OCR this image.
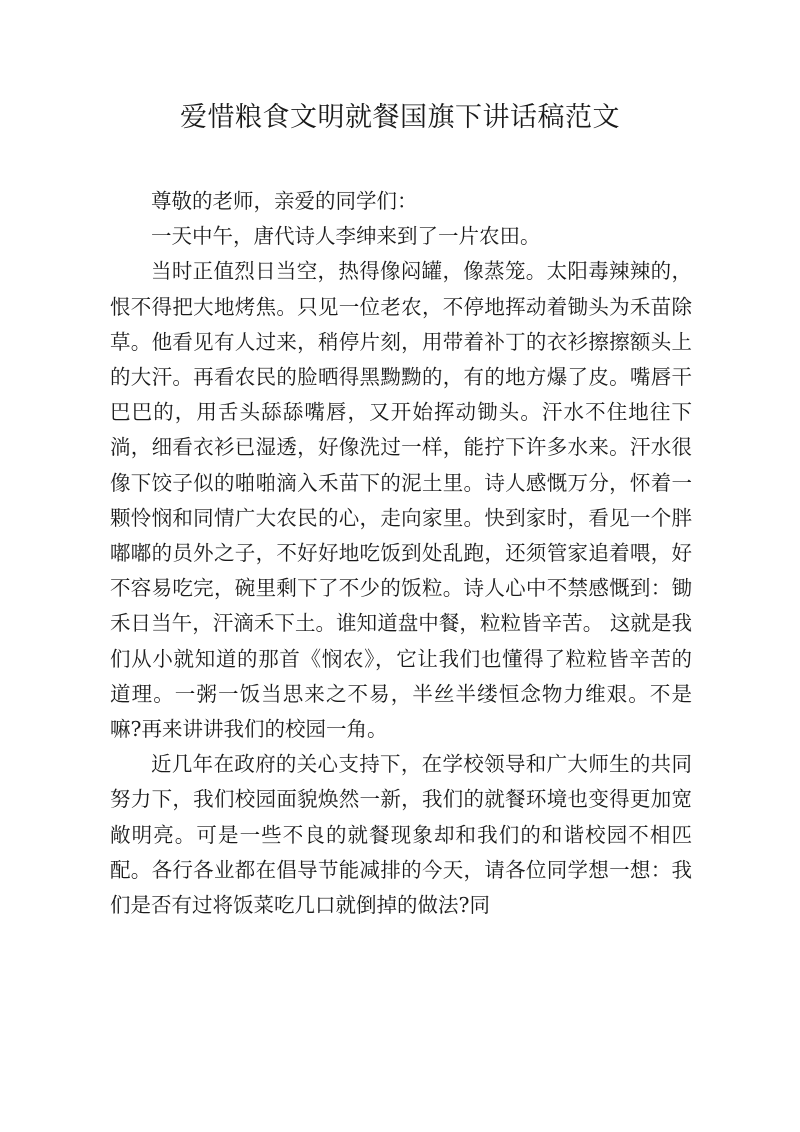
爱惜粮食文明就餐国旗下讲话稿范文

尊敬的老师，亲爱的同学们：

一天中午，唐代诗人李绅来到了一片农田。

当时正值烈日当空，热得像闷罐，像蒸笼。太阳毒辣辣的，恨不得把大地烤焦。只见一位老农，不停地挥动着锄头为禾苗除草。他看见有人过来，稍停片刻，用带着补丁的衣衫擦擦额头上的大汗。再看农民的脸晒得黑黝黝的，有的地方爆了皮。嘴唇干巴巴的，用舌头舔舔嘴唇，又开始挥动锄头。汗水不住地往下淌，细看衣衫已湿透，好像洗过一样，能拧下许多水来。汗水很像下饺子似的啪啪滴入禾苗下的泥土里。诗人感慨万分，怀着一颗怜悯和同情广大农民的心，走向家里。快到家时，看见一个胖嘟嘟的员外之子，不好好地吃饭到处乱跑，还须管家追着喂，好不容易吃完，碗里剩下了不少的饭粒。诗人心中不禁感慨到：锄禾日当午，汗滴禾下土。谁知道盘中餐，粒粒皆辛苦。 这就是我们从小就知道的那首《悯农》，它让我们也懂得了粒粒皆辛苦的道理。一粥一饭当思来之不易，半丝半缕恒念物力维艰。不是嘛?再来讲讲我们的校园一角。

近几年在政府的关心支持下，在学校领导和广大师生的共同努力下，我们校园面貌焕然一新，我们的就餐环境也变得更加宽敞明亮。可是一些不良的就餐现象却和我们的和谐校园不相匹配。各行各业都在倡导节能减排的今天，请各位同学想一想：我们是否有过将饭菜吃几口就倒掉的做法?同
